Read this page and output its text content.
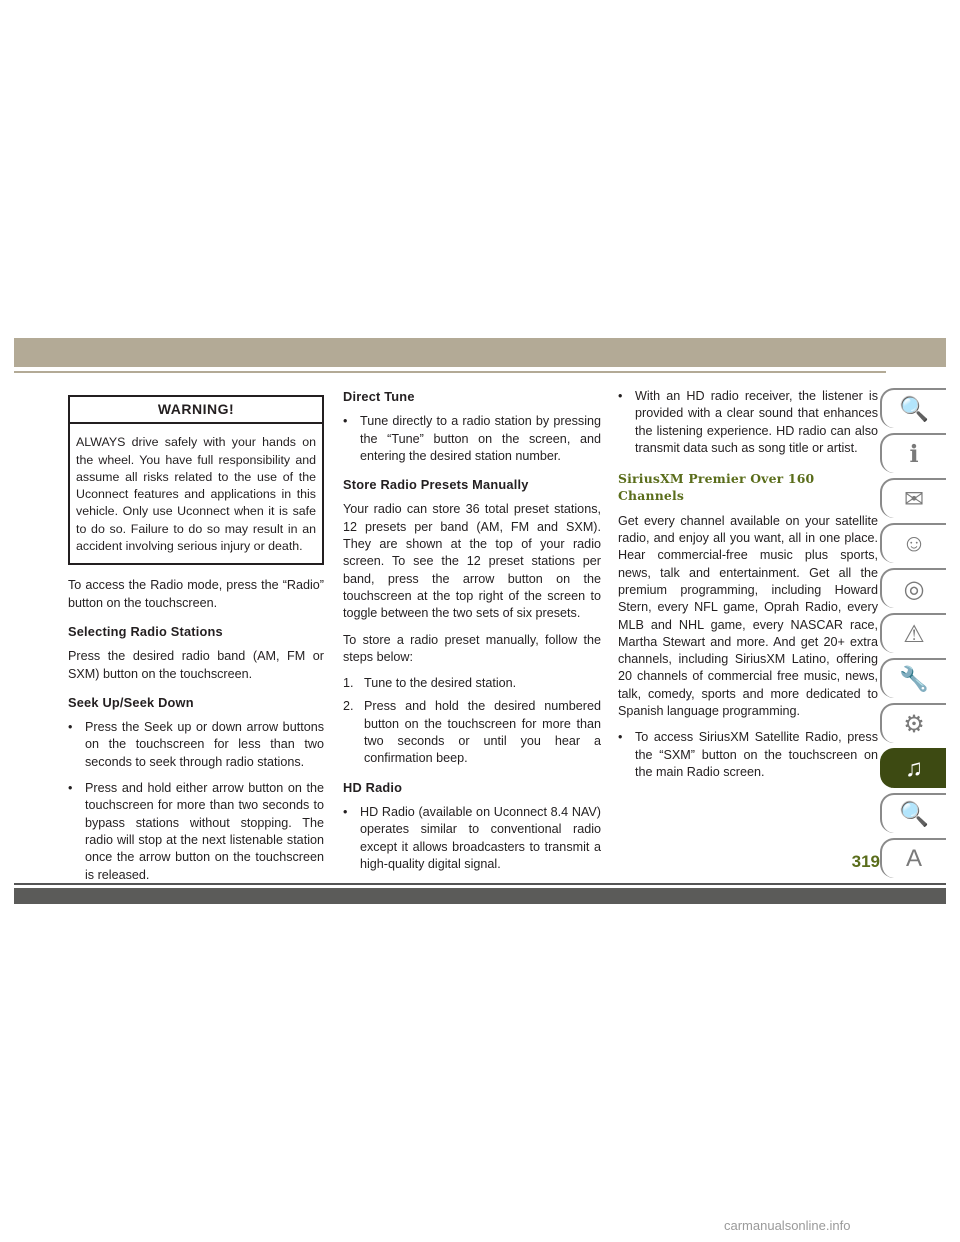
WARNING!
ALWAYS drive safely with your hands on the wheel. You have full responsibility and assume all risks related to the use of the Uconnect features and applications in this vehicle. Only use Uconnect when it is safe to do so. Failure to do so may result in an accident involving serious injury or death.

To access the Radio mode, press the “Radio” button on the touchscreen.

Selecting Radio Stations

Press the desired radio band (AM, FM or SXM) button on the touchscreen.

Seek Up/Seek Down
• Press the Seek up or down arrow buttons on the touchscreen for less than two seconds to seek through radio stations.
• Press and hold either arrow button on the touchscreen for more than two seconds to bypass stations without stopping. The radio will stop at the next listenable station once the arrow button on the touchscreen is released.
Direct Tune
• Tune directly to a radio station by pressing the “Tune” button on the screen, and entering the desired station number.
Store Radio Presets Manually

Your radio can store 36 total preset stations, 12 presets per band (AM, FM and SXM). They are shown at the top of your radio screen. To see the 12 preset stations per band, press the arrow button on the touchscreen at the top right of the screen to toggle between the two sets of six presets.

To store a radio preset manually, follow the steps below:

1. Tune to the desired station.
2. Press and hold the desired numbered button on the touchscreen for more than two seconds or until you hear a confirmation beep.
HD Radio
• HD Radio (available on Uconnect 8.4 NAV) operates similar to conventional radio except it allows broadcasters to transmit a high-quality digital signal.
• With an HD radio receiver, the listener is provided with a clear sound that enhances the listening experience. HD radio can also transmit data such as song title or artist.
SiriusXM Premier Over 160 Channels

Get every channel available on your satellite radio, and enjoy all you want, all in one place. Hear commercial-free music plus sports, news, talk and entertainment. Get all the premium programming, including Howard Stern, every NFL game, Oprah Radio, every MLB and NHL game, every NASCAR race, Martha Stewart and more. And get 20+ extra channels, including SiriusXM Latino, offering 20 channels of commercial free music, news, talk, comedy, sports and more dedicated to Spanish language programming.

• To access SiriusXM Satellite Radio, press the “SXM” button on the touchscreen on the main Radio screen.
🔍
ℹ
✉
☺
◎
⚠
🔧
⚙
♫
🔍
A
319
carmanualsonline.info
